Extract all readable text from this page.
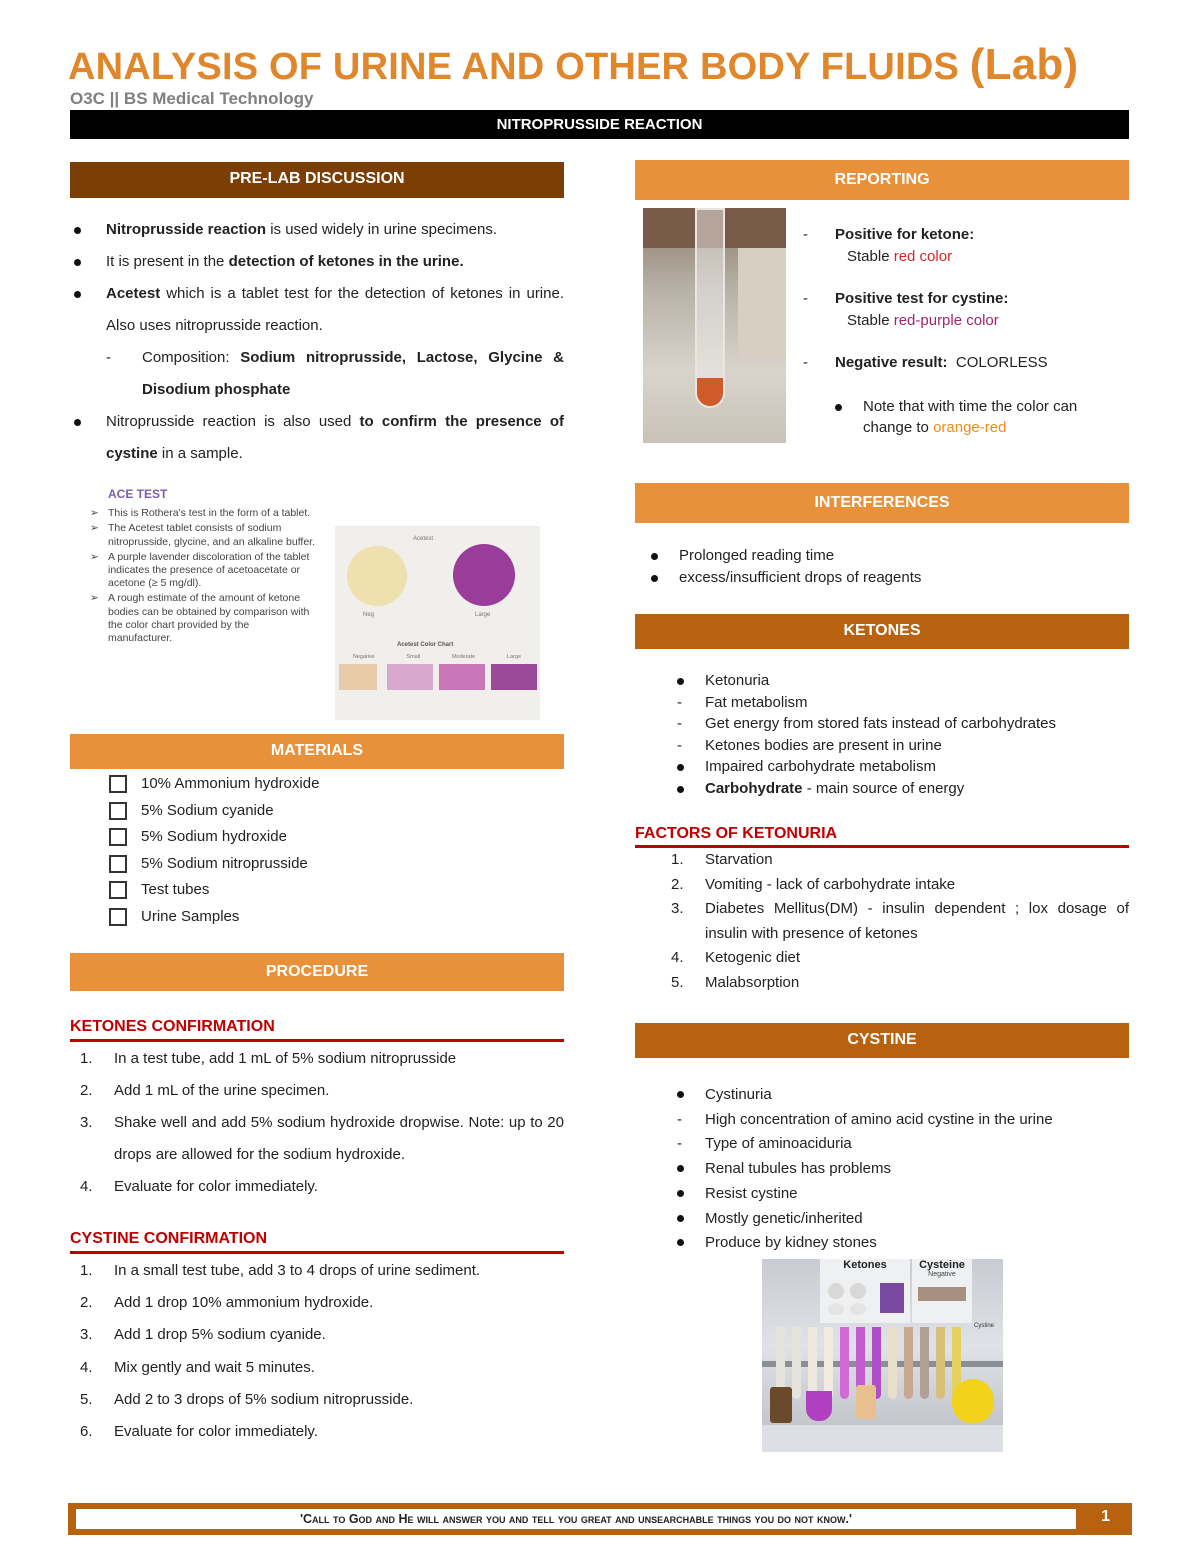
ANALYSIS OF URINE AND OTHER BODY FLUIDS (Lab)
O3C || BS Medical Technology
NITROPRUSSIDE REACTION
PRE-LAB DISCUSSION
Nitroprusside reaction is used widely in urine specimens.
It is present in the detection of ketones in the urine.
Acetest which is a tablet test for the detection of ketones in urine. Also uses nitroprusside reaction.
- Composition: Sodium nitroprusside, Lactose, Glycine & Disodium phosphate
Nitroprusside reaction is also used to confirm the presence of cystine in a sample.
ACE TEST
➢ This is Rothera's test in the form of a tablet.
➢ The Acetest tablet consists of sodium nitroprusside, glycine, and an alkaline buffer.
➢ A purple lavender discoloration of the tablet indicates the presence of acetoacetate or acetone (≥ 5 mg/dl).
➢ A rough estimate of the amount of ketone bodies can be obtained by comparison with the color chart provided by the manufacturer.
Acetest
Neg	Large
Acetest Color Chart
Negative	Small	Moderate	Large
MATERIALS
10% Ammonium hydroxide
5% Sodium cyanide
5% Sodium hydroxide
5% Sodium nitroprusside
Test tubes
Urine Samples
PROCEDURE
KETONES CONFIRMATION
1. In a test tube, add 1 mL of 5% sodium nitroprusside
2. Add 1 mL of the urine specimen.
3. Shake well and add 5% sodium hydroxide dropwise. Note: up to 20 drops are allowed for the sodium hydroxide.
4. Evaluate for color immediately.
CYSTINE CONFIRMATION
1. In a small test tube, add 3 to 4 drops of urine sediment.
2. Add 1 drop 10% ammonium hydroxide.
3. Add 1 drop 5% sodium cyanide.
4. Mix gently and wait 5 minutes.
5. Add 2 to 3 drops of 5% sodium nitroprusside.
6. Evaluate for color immediately.
REPORTING
- Positive for ketone:
Stable red color
- Positive test for cystine:
Stable red-purple color
- Negative result: COLORLESS
Note that with time the color can change to orange-red
INTERFERENCES
Prolonged reading time
excess/insufficient drops of reagents
KETONES
Ketonuria
- Fat metabolism
- Get energy from stored fats instead of carbohydrates
- Ketones bodies are present in urine
Impaired carbohydrate metabolism
Carbohydrate - main source of energy
FACTORS OF KETONURIA
1. Starvation
2. Vomiting - lack of carbohydrate intake
3. Diabetes Mellitus(DM) - insulin dependent ; lox dosage of insulin with presence of ketones
4. Ketogenic diet
5. Malabsorption
CYSTINE
Cystinuria
- High concentration of amino acid cystine in the urine
- Type of aminoaciduria
Renal tubules has problems
Resist cystine
Mostly genetic/inherited
Produce by kidney stones
Ketones	Cysteine
Negative
Cystine
'Call to God and He will answer you and tell you great and unsearchable things you do not know.'	1
